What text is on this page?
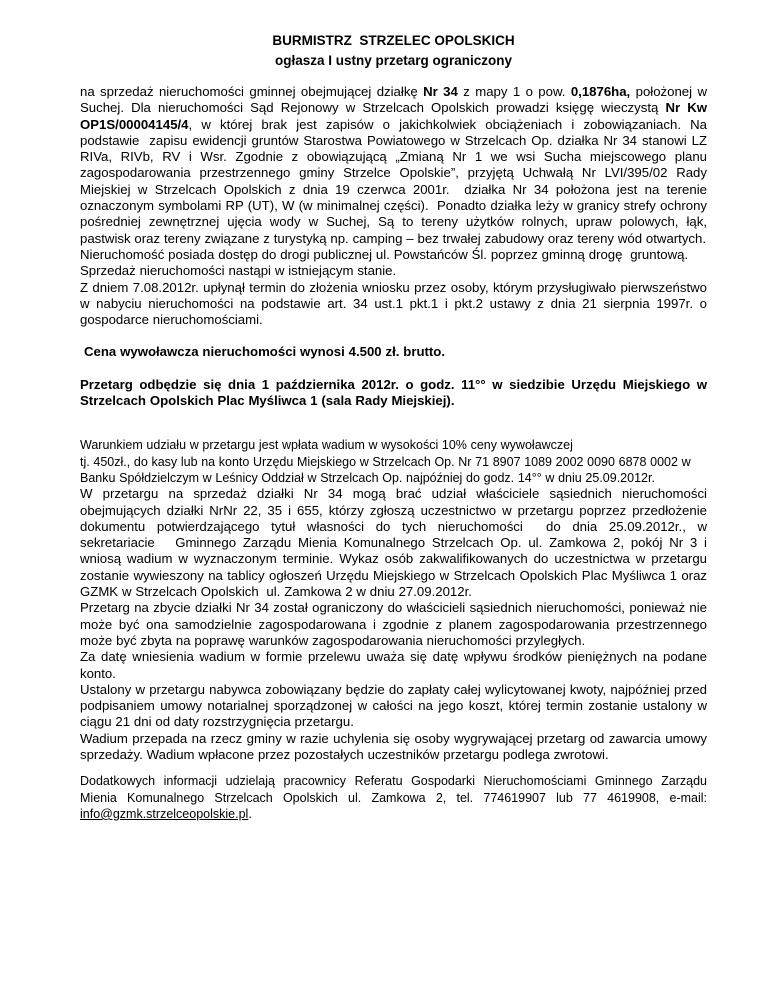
BURMISTRZ  STRZELEC OPOLSKICH
ogłasza I ustny przetarg ograniczony

na sprzedaż nieruchomości gminnej obejmującej działkę Nr 34 z mapy 1 o pow. 0,1876ha, położonej w Suchej. Dla nieruchomości Sąd Rejonowy w Strzelcach Opolskich prowadzi księgę wieczystą Nr Kw OP1S/00004145/4, w której brak jest zapisów o jakichkolwiek obciążeniach i zobowiązaniach. Na podstawie  zapisu ewidencji gruntów Starostwa Powiatowego w Strzelcach Op. działka Nr 34 stanowi LZ RIVa, RIVb, RV i Wsr. Zgodnie z obowiązującą „Zmianą Nr 1 we wsi Sucha miejscowego planu zagospodarowania przestrzennego gminy Strzelce Opolskie”, przyjętą Uchwałą Nr LVI/395/02 Rady Miejskiej w Strzelcach Opolskich z dnia 19 czerwca 2001r.  działka Nr 34 położona jest na terenie oznaczonym symbolami RP (UT), W (w minimalnej części).  Ponadto działka leży w granicy strefy ochrony pośredniej zewnętrznej ujęcia wody w Suchej, Są to tereny użytków rolnych, upraw polowych, łąk, pastwisk oraz tereny związane z turystyką np. camping – bez trwałej zabudowy oraz tereny wód otwartych.

Nieruchomość posiada dostęp do drogi publicznej ul. Powstańców Śl. poprzez gminną drogę  gruntową.

Sprzedaż nieruchomości nastąpi w istniejącym stanie.

Z dniem 7.08.2012r. upłynął termin do złożenia wniosku przez osoby, którym przysługiwało pierwszeństwo w nabyciu nieruchomości na podstawie art. 34 ust.1 pkt.1 i pkt.2 ustawy z dnia 21 sierpnia 1997r. o gospodarce nieruchomościami.

Cena wywoławcza nieruchomości wynosi 4.500 zł. brutto.

Przetarg odbędzie się dnia 1 października 2012r. o godz. 11°° w siedzibie Urzędu Miejskiego w Strzelcach Opolskich Plac Myśliwca 1 (sala Rady Miejskiej).

Warunkiem udziału w przetargu jest wpłata wadium w wysokości 10% ceny wywoławczej
tj. 450zł., do kasy lub na konto Urzędu Miejskiego w Strzelcach Op. Nr 71 8907 1089 2002 0090 6878 0002 w Banku Spółdzielczym w Leśnicy Oddział w Strzelcach Op. najpóźniej do godz. 14°° w dniu 25.09.2012r.

W przetargu na sprzedaż działki Nr 34 mogą brać udział właściciele sąsiednich nieruchomości obejmujących działki NrNr 22, 35 i 655, którzy zgłoszą uczestnictwo w przetargu poprzez przedłożenie dokumentu potwierdzającego tytuł własności do tych nieruchomości  do dnia 25.09.2012r., w sekretariacie   Gminnego Zarządu Mienia Komunalnego Strzelcach Op. ul. Zamkowa 2, pokój Nr 3 i wniosą wadium w wyznaczonym terminie. Wykaz osób zakwalifikowanych do uczestnictwa w przetargu zostanie wywieszony na tablicy ogłoszeń Urzędu Miejskiego w Strzelcach Opolskich Plac Myśliwca 1 oraz GZMK w Strzelcach Opolskich  ul. Zamkowa 2 w dniu 27.09.2012r.

Przetarg na zbycie działki Nr 34 został ograniczony do właścicieli sąsiednich nieruchomości, ponieważ nie może być ona samodzielnie zagospodarowana i zgodnie z planem zagospodarowania przestrzennego może być zbyta na poprawę warunków zagospodarowania nieruchomości przyległych.

Za datę wniesienia wadium w formie przelewu uważa się datę wpływu środków pieniężnych na podane konto.

Ustalony w przetargu nabywca zobowiązany będzie do zapłaty całej wylicytowanej kwoty, najpóźniej przed podpisaniem umowy notarialnej sporządzonej w całości na jego koszt, której termin zostanie ustalony w ciągu 21 dni od daty rozstrzygnięcia przetargu.

Wadium przepada na rzecz gminy w razie uchylenia się osoby wygrywającej przetarg od zawarcia umowy sprzedaży. Wadium wpłacone przez pozostałych uczestników przetargu podlega zwrotowi.

Dodatkowych informacji udzielają pracownicy Referatu Gospodarki Nieruchomościami Gminnego Zarządu Mienia Komunalnego Strzelcach Opolskich ul. Zamkowa 2, tel. 774619907 lub 77 4619908, e-mail: info@gzmk.strzelceopolskie.pl.
